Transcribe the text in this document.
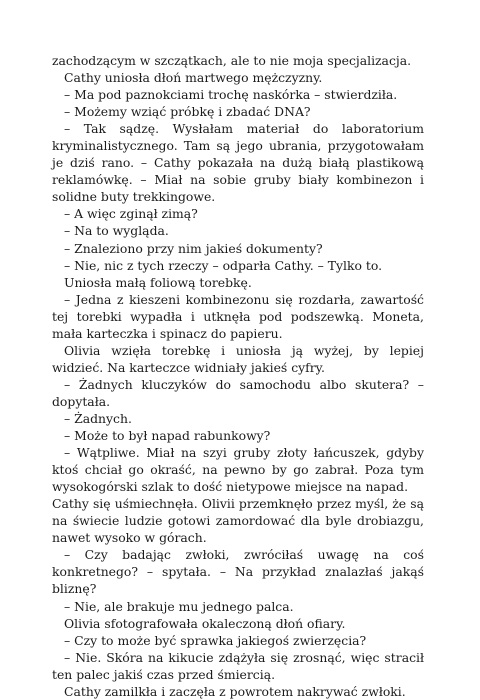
zachodzącym w szczątkach, ale to nie moja specjalizacja.

Cathy uniosła dłoń martwego mężczyzny.

– Ma pod paznokciami trochę naskórka – stwierdziła.

– Możemy wziąć próbkę i zbadać DNA?

– Tak sądzę. Wysłałam materiał do laboratorium kryminalistycznego. Tam są jego ubrania, przygotowałam je dziś rano. – Cathy pokazała na dużą białą plastikową reklamówkę. – Miał na sobie gruby biały kombinezon i solidne buty trekkingowe.

– A więc zginął zimą?

– Na to wygląda.

– Znaleziono przy nim jakieś dokumenty?

– Nie, nic z tych rzeczy – odparła Cathy. – Tylko to.

Uniosła małą foliową torebkę.

– Jedna z kieszeni kombinezonu się rozdarła, zawartość tej torebki wypadła i utknęła pod podszewką. Moneta, mała karteczka i spinacz do papieru.

Olivia wzięła torebkę i uniosła ją wyżej, by lepiej widzieć. Na karteczce widniały jakieś cyfry.

– Żadnych kluczyków do samochodu albo skutera? – dopytała.

– Żadnych.

– Może to był napad rabunkowy?

– Wątpliwe. Miał na szyi gruby złoty łańcuszek, gdyby ktoś chciał go okraść, na pewno by go zabrał. Poza tym wysokogórski szlak to dość nietypowe miejsce na napad.

Cathy się uśmiechnęła. Olivii przemknęło przez myśl, że są na świecie ludzie gotowi zamordować dla byle drobiazgu, nawet wysoko w górach.

– Czy badając zwłoki, zwróciłaś uwagę na coś konkretnego? – spytała. – Na przykład znalazłaś jakąś bliznę?

– Nie, ale brakuje mu jednego palca.

Olivia sfotografowała okaleczoną dłoń ofiary.

– Czy to może być sprawka jakiegoś zwierzęcia?

– Nie. Skóra na kikucie zdążyła się zrosnąć, więc stracił ten palec jakiś czas przed śmiercią.

Cathy zamilkła i zaczęła z powrotem nakrywać zwłoki.
